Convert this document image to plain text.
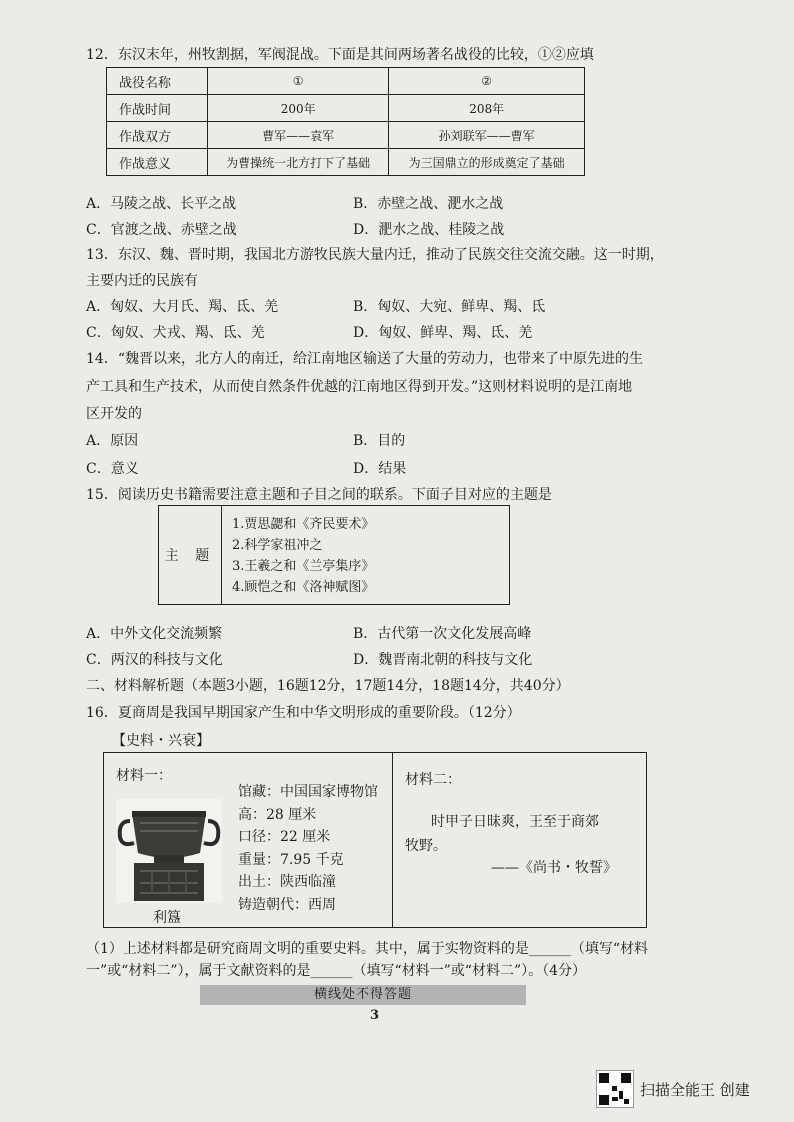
12．东汉末年，州牧割据，军阀混战。下面是其间两场著名战役的比较，①②应填
战役名称	①	②
作战时间	200年	208年
作战双方	曹军——袁军	孙刘联军——曹军
作战意义	为曹操统一北方打下了基础	为三国鼎立的形成奠定了基础
A．马陵之战、长平之战	B．赤壁之战、淝水之战
C．官渡之战、赤壁之战	D．淝水之战、桂陵之战
13．东汉、魏、晋时期，我国北方游牧民族大量内迁，推动了民族交往交流交融。这一时期，
主要内迁的民族有
A．匈奴、大月氏、羯、氐、羌	B．匈奴、大宛、鲜卑、羯、氐
C．匈奴、犬戎、羯、氐、羌	D．匈奴、鲜卑、羯、氐、羌
14．“魏晋以来，北方人的南迁，给江南地区输送了大量的劳动力，也带来了中原先进的生
产工具和生产技术，从而使自然条件优越的江南地区得到开发。”这则材料说明的是江南地
区开发的
A．原因	B．目的
C．意义	D．结果
15．阅读历史书籍需要注意主题和子目之间的联系。下面子目对应的主题是
主 题
1.贾思勰和《齐民要术》
2.科学家祖冲之
3.王羲之和《兰亭集序》
4.顾恺之和《洛神赋图》
A．中外文化交流频繁	B．古代第一次文化发展高峰
C．两汉的科技与文化	D．魏晋南北朝的科技与文化
二、材料解析题（本题3小题，16题12分，17题14分，18题14分，共40分）
16．夏商周是我国早期国家产生和中华文明形成的重要阶段。（12分）
【史料・兴衰】
材料一：
利簋
馆藏：中国国家博物馆
高：28 厘米
口径：22 厘米
重量：7.95 千克
出土：陕西临潼
铸造朝代：西周
材料二：
时甲子日昧爽，王至于商郊
牧野。
——《尚书・牧誓》
（1）上述材料都是研究商周文明的重要史料。其中，属于实物资料的是______（填写“材料
一”或“材料二”），属于文献资料的是______（填写“材料一”或“材料二”）。（4分）
横线处不得答题
3
扫描全能王 创建
